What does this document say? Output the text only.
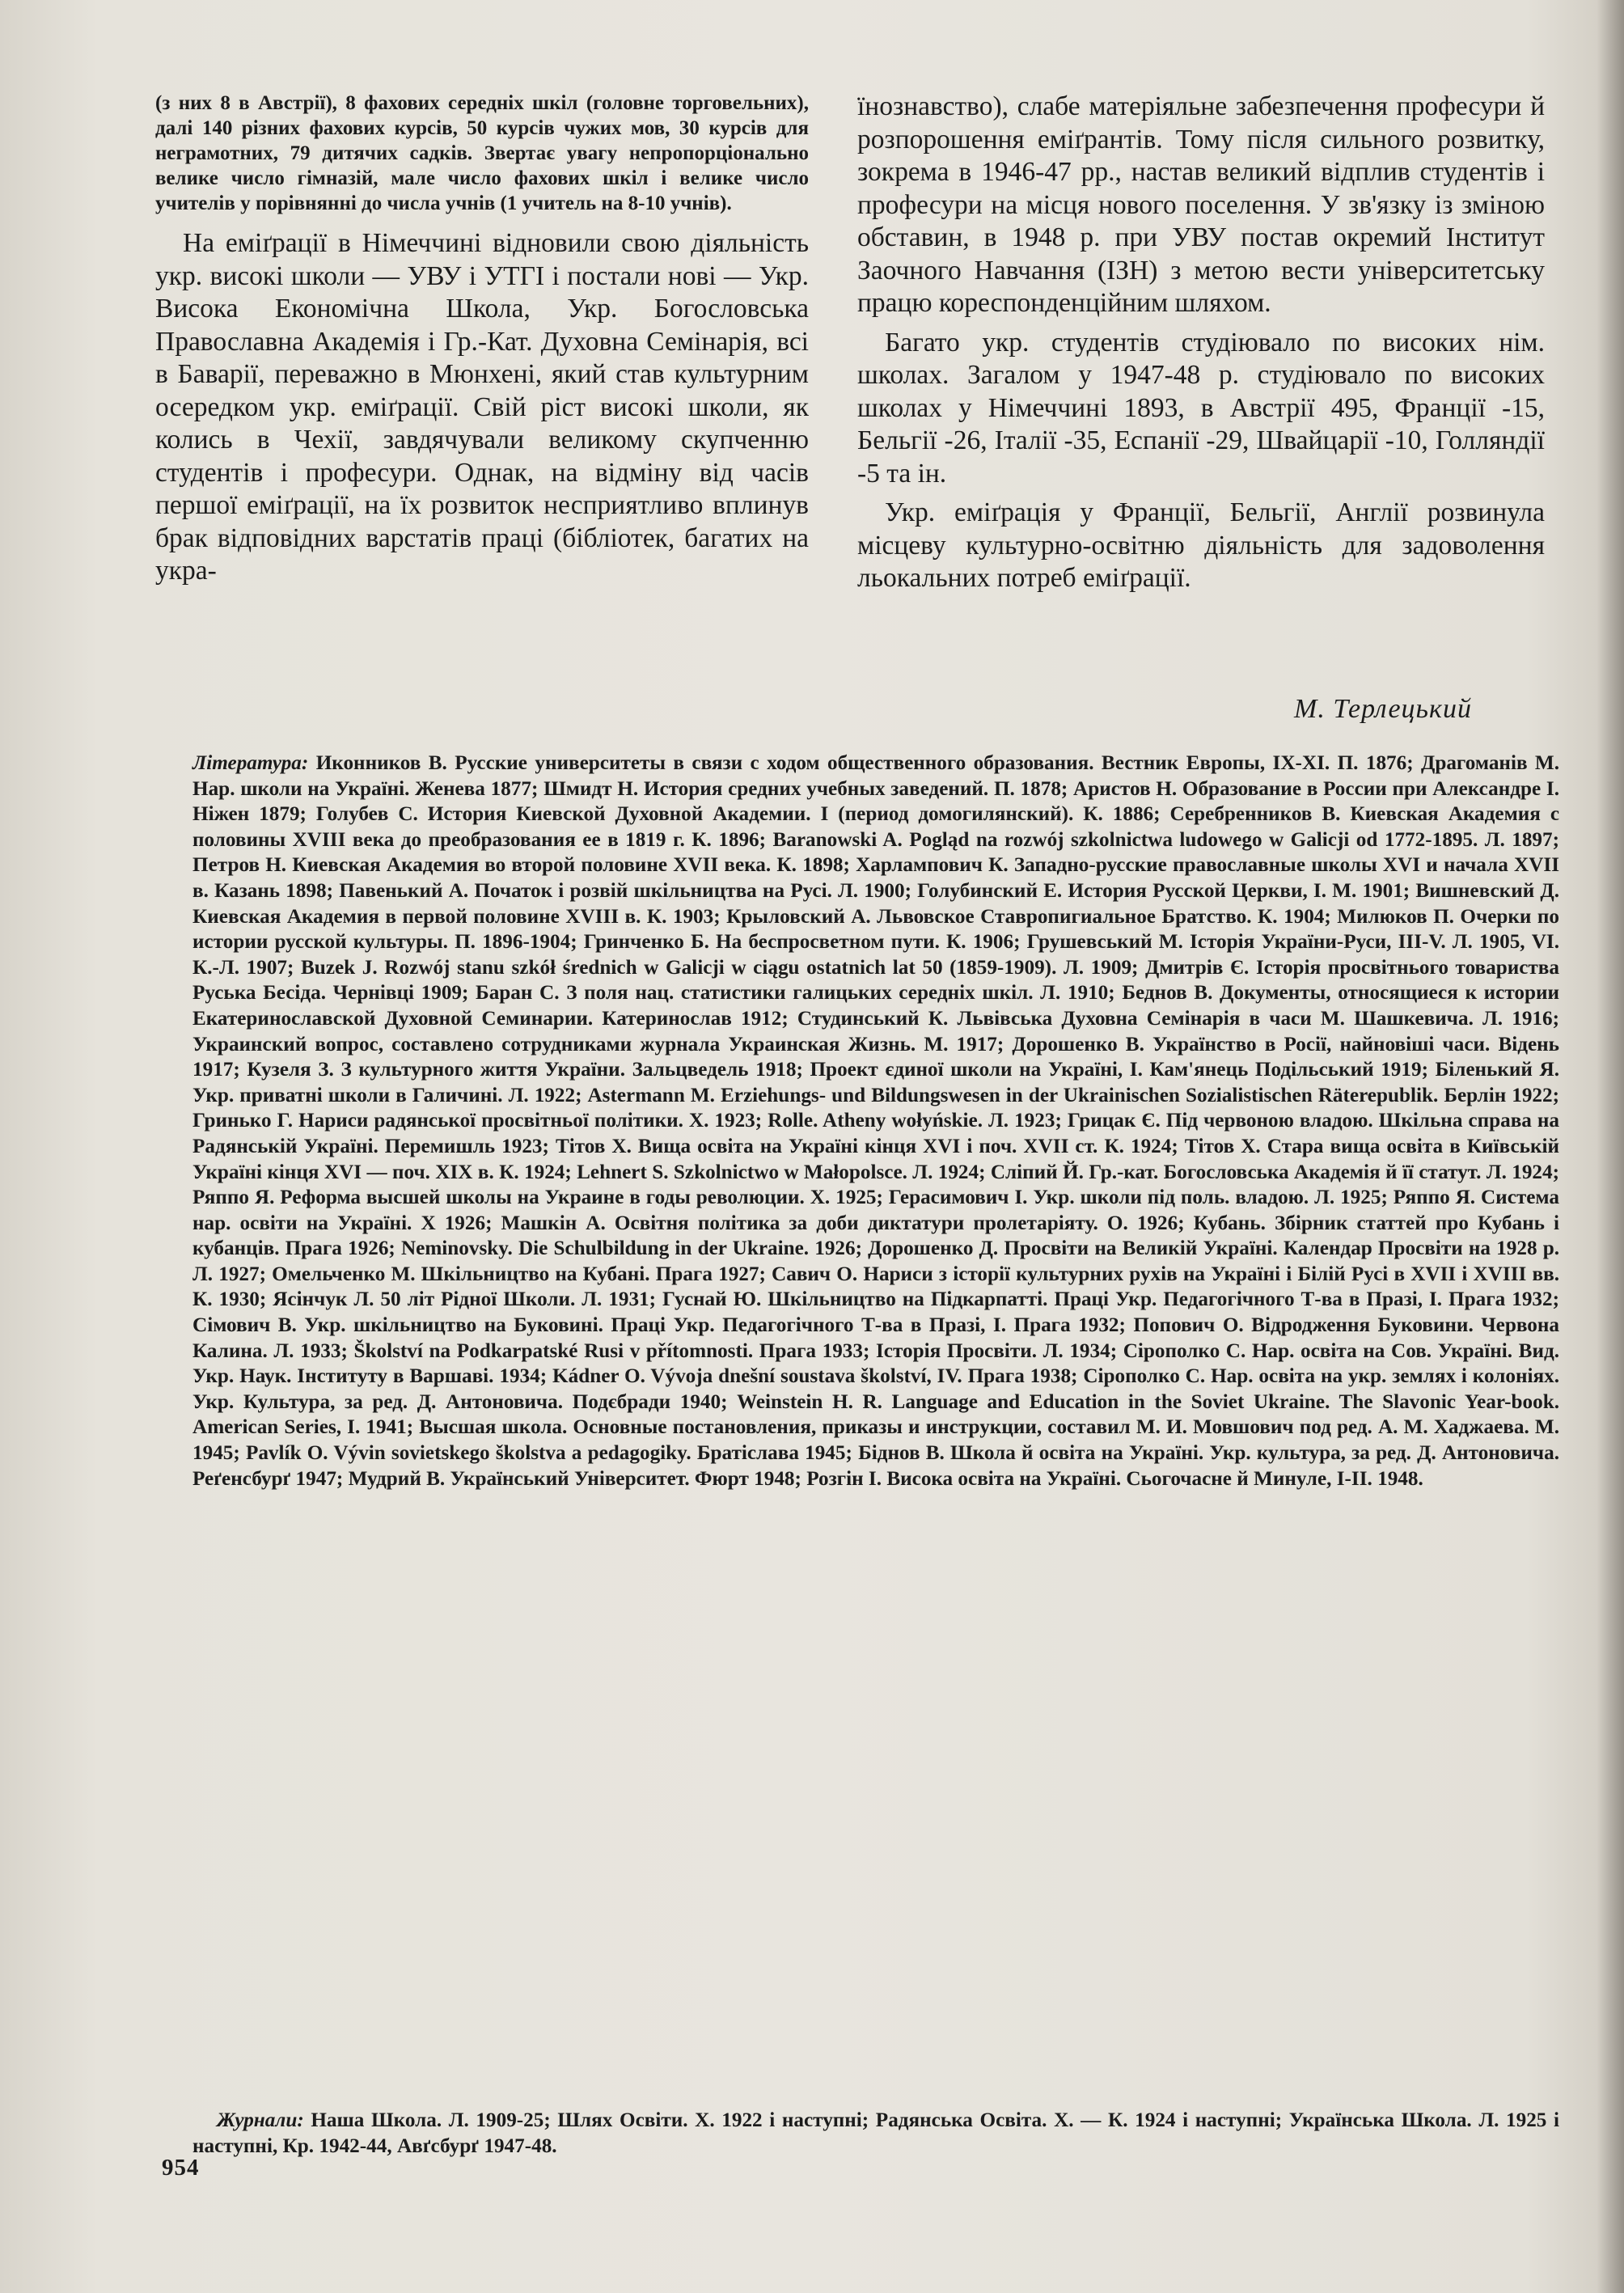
(з них 8 в Австрії), 8 фахових середніх шкіл (головне торговельних), далі 140 різних фахових курсів, 50 курсів чужих мов, 30 курсів для неграмотних, 79 дитячих садків. Звертає увагу непропорціонально велике число гімназій, мале число фахових шкіл і велике число учителів у порівнянні до числа учнів (1 учитель на 8-10 учнів).

На еміґрації в Німеччині відновили свою діяльність укр. високі школи — УВУ і УТГІ і постали нові — Укр. Висока Економічна Школа, Укр. Богословська Православна Академія і Гр.-Кат. Духовна Семінарія, всі в Баварії, переважно в Мюнхені, який став культурним осередком укр. еміґрації. Свій ріст високі школи, як колись в Чехії, завдячували великому скупченню студентів і професури. Однак, на відміну від часів першої еміґрації, на їх розвиток несприятливо вплинув брак відповідних варстатів праці (бібліотек, багатих на укра-

їнознавство), слабе матеріяльне забезпечення професури й розпорошення еміґрантів. Тому після сильного розвитку, зокрема в 1946-47 рр., настав великий відплив студентів і професури на місця нового поселення. У зв'язку із зміною обставин, в 1948 р. при УВУ постав окремий Інститут Заочного Навчання (ІЗН) з метою вести університетську працю кореспонденційним шляхом.

Багато укр. студентів студіювало по високих нім. школах. Загалом у 1947-48 р. студіювало по високих школах у Німеччині 1893, в Австрії 495, Франції -15, Бельгії -26, Італії -35, Еспанії -29, Швайцарії -10, Голляндії -5 та ін.

Укр. еміґрація у Франції, Бельгії, Англії розвинула місцеву культурно-освітню діяльність для задоволення льокальних потреб еміґрації.

М. Терлецький

Література: Иконников В. Русские университеты в связи с ходом общественного образования. Вестник Европы, IX-XI. П. 1876; Драгоманів М. Нар. школи на Україні. Женева 1877; Шмидт Н. История средних учебных заведений. П. 1878; Аристов Н. Образование в России при Александре I. Ніжен 1879; Голубев С. История Киевской Духовной Академии. I (период домогилянский). К. 1886; Серебренников В. Киевская Академия с половины XVIII века до преобразования ее в 1819 г. К. 1896; Baranowski A. Pogląd na rozwój szkolnictwa ludowego w Galicji od 1772-1895. Л. 1897; Петров Н. Киевская Академия во второй половине XVII века. К. 1898; Харлампович К. Западно-русские православные школы XVI и начала XVII в. Казань 1898; Павенький А. Початок і розвій шкільництва на Русі. Л. 1900; Голубинский Е. История Русской Церкви, I. М. 1901; Вишневский Д. Киевская Академия в первой половине XVIII в. К. 1903; Крыловский А. Львовское Ставропигиальное Братство. К. 1904; Милюков П. Очерки по истории русской культуры. П. 1896-1904; Гринченко Б. На беспросветном пути. К. 1906; Грушевський М. Історія України-Руси, III-V. Л. 1905, VI. К.-Л. 1907; Buzek J. Rozwój stanu szkół średnich w Galicji w ciągu ostatnich lat 50 (1859-1909). Л. 1909; Дмитрів Є. Історія просвітнього товариства Руська Бесіда. Чернівці 1909; Баран С. З поля нац. статистики галицьких середніх шкіл. Л. 1910; Беднов В. Документы, относящиеся к истории Екатеринославской Духовной Семинарии. Катеринослав 1912; Студинський К. Львівська Духовна Семінарія в часи М. Шашкевича. Л. 1916; Украинский вопрос, составлено сотрудниками журнала Украинская Жизнь. М. 1917; Дорошенко В. Українство в Росії, найновіші часи. Відень 1917; Кузеля З. З культурного життя України. Зальцведель 1918; Проект єдиної школи на Україні, I. Кам'янець Подільський 1919; Біленький Я. Укр. приватні школи в Галичині. Л. 1922; Astermann M. Erziehungs- und Bildungswesen in der Ukrainischen Sozialistischen Räterepublik. Берлін 1922; Гринько Г. Нариси радянської просвітньої політики. Х. 1923; Rolle. Atheny wołyńskie. Л. 1923; Грицак Є. Під червоною владою. Шкільна справа на Радянській Україні. Перемишль 1923; Тітов Х. Вища освіта на Україні кінця XVI і поч. XVII ст. К. 1924; Тітов Х. Стара вища освіта в Київській Україні кінця XVI — поч. XIX в. К. 1924; Lehnert S. Szkolnictwo w Małopolsce. Л. 1924; Сліпий Й. Гр.-кат. Богословська Академія й її статут. Л. 1924; Ряппо Я. Реформа высшей школы на Украине в годы революции. Х. 1925; Герасимович І. Укр. школи під поль. владою. Л. 1925; Ряппо Я. Система нар. освіти на Україні. Х 1926; Машкін А. Освітня політика за доби диктатури пролетаріяту. О. 1926; Кубань. Збірник статтей про Кубань і кубанців. Прага 1926; Neminovsky. Die Schulbildung in der Ukraine. 1926; Дорошенко Д. Просвіти на Великій Україні. Календар Просвіти на 1928 р. Л. 1927; Омельченко М. Шкільництво на Кубані. Прага 1927; Савич О. Нариси з історії культурних рухів на Україні і Білій Русі в XVII і XVIII вв. К. 1930; Ясінчук Л. 50 літ Рідної Школи. Л. 1931; Гуснай Ю. Шкільництво на Підкарпатті. Праці Укр. Педагогічного Т-ва в Празі, I. Прага 1932; Сімович В. Укр. шкільництво на Буковині. Праці Укр. Педагогічного Т-ва в Празі, I. Прага 1932; Попович О. Відродження Буковини. Червона Калина. Л. 1933; Školství na Podkarpatské Rusi v přítomnosti. Прага 1933; Історія Просвіти. Л. 1934; Сірополко С. Нар. освіта на Сов. Україні. Вид. Укр. Наук. Інституту в Варшаві. 1934; Kádner O. Vývoja dnešní soustava školství, IV. Прага 1938; Сірополко С. Нар. освіта на укр. землях і колоніях. Укр. Культура, за ред. Д. Антоновича. Подєбради 1940; Weinstein H. R. Language and Education in the Soviet Ukraine. The Slavonic Year-book. American Series, I. 1941; Высшая школа. Основные постановления, приказы и инструкции, составил М. И. Мовшович под ред. А. М. Хаджаева. М. 1945; Pavlík O. Vývin sovietskego školstva a pedagogiky. Братіслава 1945; Біднов В. Школа й освіта на Україні. Укр. культура, за ред. Д. Антоновича. Реґенсбурґ 1947; Мудрий В. Український Університет. Фюрт 1948; Розгін І. Висока освіта на Україні. Сьогочасне й Минуле, I-II. 1948.

Журнали: Наша Школа. Л. 1909-25; Шлях Освіти. Х. 1922 і наступні; Радянська Освіта. Х. — К. 1924 і наступні; Українська Школа. Л. 1925 і наступні, Кр. 1942-44, Авґсбурґ 1947-48.

954
